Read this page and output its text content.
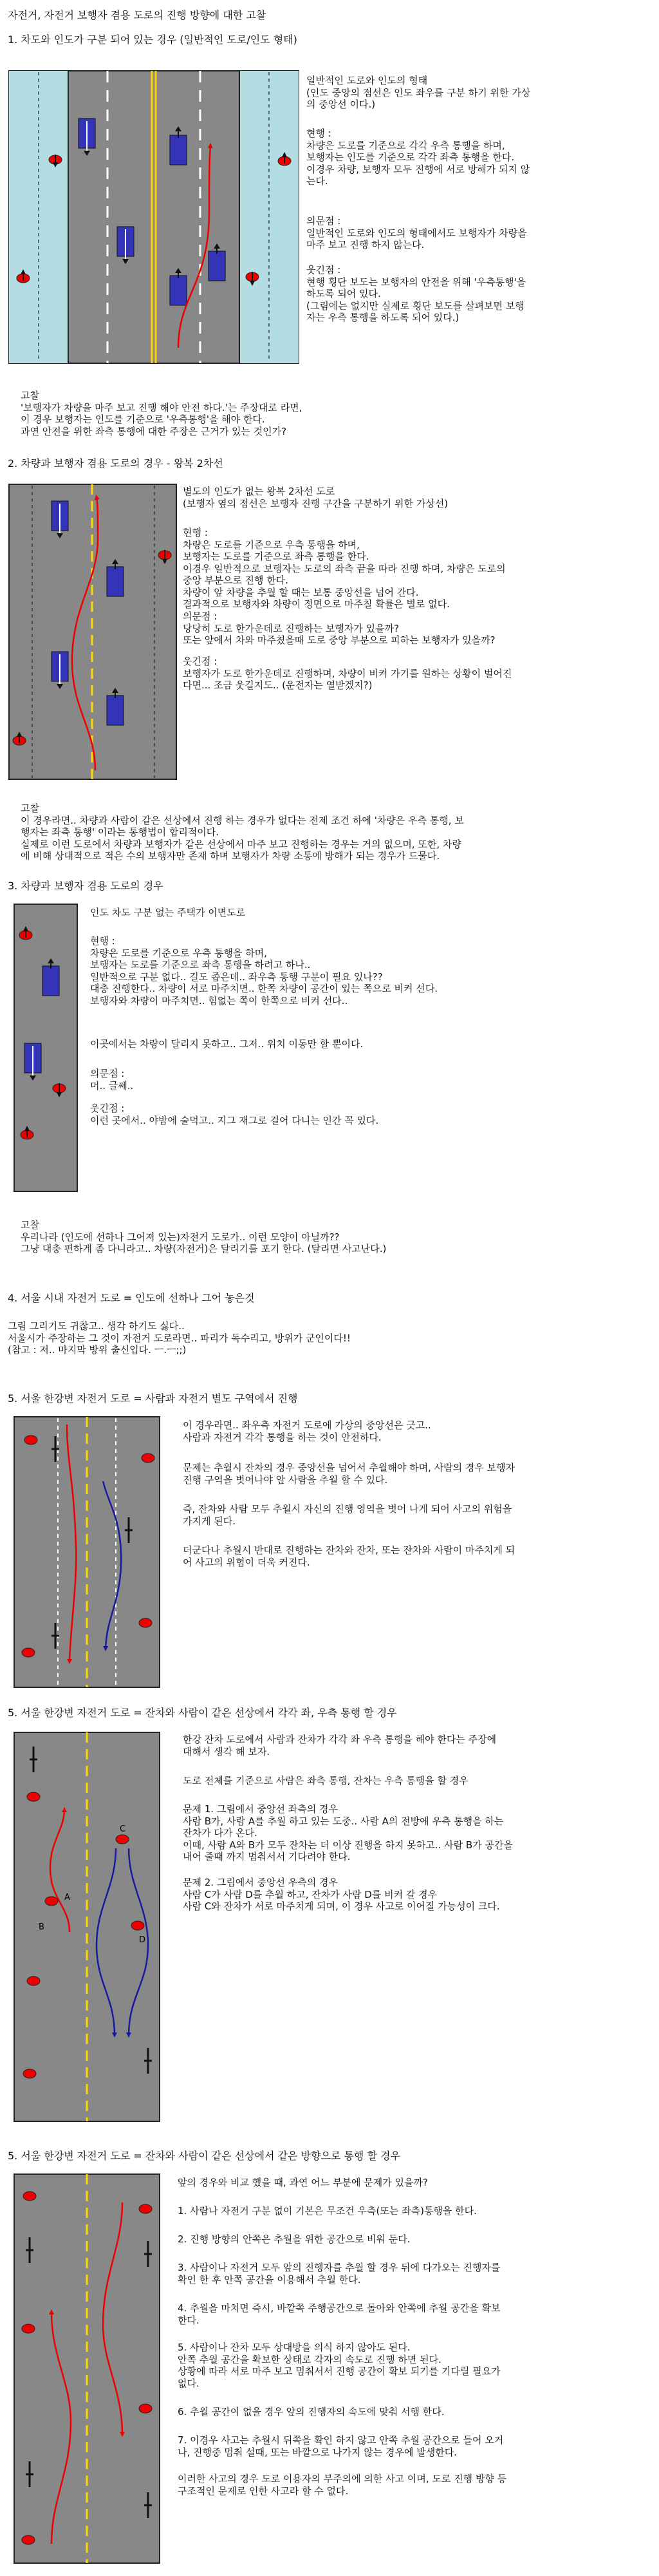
자전거, 자전거 보행자 겸용 도로의 진행 방향에 대한 고찰
1. 차도와 인도가 구분 되어 있는 경우 (일반적인 도로/인도 형태)
일반적인 도로와 인도의 형태
(인도 중앙의 점선은 인도 좌우를 구분 하기 위한 가상
의 중앙선 이다.)
현행 :
차량은 도로를 기준으로 각각 우측 통행을 하며,
보행자는 인도를 기준으로 각각 좌측 통행을 한다.
이경우 차량, 보행자 모두 진행에 서로 방해가 되지 않
는다.
의문점 :
일반적인 도로와 인도의 형태에서도 보행자가 차량을
마주 보고 진행 하지 않는다.
웃긴점 :
현행 횡단 보도는 보행자의 안전을 위해 '우측통행'을
하도록 되어 있다.
(그림에는 없지만 실제로 횡단 보도를 살펴보면 보행
자는 우측 통행을 하도록 되어 있다.)
고찰
'보행자가 차량을 마주 보고 진행 해야 안전 하다.'는 주장대로 라면,
이 경우 보행자는 인도를 기준으로 '우측통행'을 해야 한다.
과연 안전을 위한 좌측 통행에 대한 주장은 근거가 있는 것인가?
2. 차량과 보행자 겸용 도로의 경우 - 왕복 2차선
별도의 인도가 없는 왕복 2차선 도로
(보행자 옆의 점선은 보행자 진행 구간을 구분하기 위한 가상선)
현행 :
차량은 도로를 기준으로 우측 통행을 하며,
보행자는 도로를 기준으로 좌측 통행을 한다.
이경우 일반적으로 보행자는 도로의 좌측 끝을 따라 진행 하며, 차량은 도로의
중앙 부분으로 진행 한다.
차량이 앞 차량을 추월 할 때는 보통 중앙선을 넘어 간다.
결과적으로 보행자와 차량이 정면으로 마주칠 확률은 별로 없다.
의문점 :
당당히 도로 한가운데로 진행하는 보행자가 있을까?
또는 앞에서 차와 마주쳤을때 도로 중앙 부분으로 피하는 보행자가 있을까?
웃긴점 :
보행자가 도로 한가운데로 진행하며, 차량이 비켜 가기를 원하는 상황이 벌어진
다면... 조금 웃길지도.. (운전자는 열받겠지?)
고찰
이 경우라면.. 차량과 사람이 같은 선상에서 진행 하는 경우가 없다는 전제 조건 하에 '차량은 우측 통행, 보
행자는 좌측 통행' 이라는 통행법이 합리적이다.
실제로 이런 도로에서 차량과 보행자가 같은 선상에서 마주 보고 진행하는 경우는 거의 없으며, 또한, 차량
에 비해 상대적으로 적은 수의 보행자만 존재 하며 보행자가 차량 소통에 방해가 되는 경우가 드물다.
3. 차량과 보행자 겸용 도로의 경우
인도 차도 구분 없는 주택가 이면도로
현행 :
차량은 도로를 기준으로 우측 통행을 하며,
보행자는 도로를 기준으로 좌측 통행을 하려고 하나..
일반적으로 구분 없다.. 길도 좁은데.. 좌우측 통행 구분이 필요 있나??
대충 진행한다.. 차량이 서로 마주치면.. 한쪽 차량이 공간이 있는 쪽으로 비켜 선다.
보행자와 차량이 마주치면.. 힘없는 쪽이 한쪽으로 비켜 선다..
이곳에서는 차량이 달리지 못하고.. 그저.. 위치 이동만 할 뿐이다.
의문점 :
머.. 글쎄..
웃긴점 :
이런 곳에서.. 야밤에 술먹고.. 지그 재그로 걸어 다니는 인간 꼭 있다.
고찰
우리나라 (인도에 선하나 그어져 있는)자전거 도로가.. 이런 모양이 아닐까??
그냥 대충 편하게 좀 다니라고.. 차량(자전거)은 달리기를 포기 한다. (달리면 사고난다.)
4. 서울 시내 자전거 도로 = 인도에 선하나 그어 놓은것
그림 그리기도 귀찮고.. 생각 하기도 싫다..
서울시가 주장하는 그 것이 자전거 도로라면.. 파리가 독수리고, 방위가 군인이다!!
(참고 : 저.. 마지막 방위 출신입다. ㅡ.ㅡ;;)
5. 서울 한강변 자전거 도로 = 사람과 자전거 별도 구역에서 진행
이 경우라면.. 좌우측 자전거 도로에 가상의 중앙선은 긋고..
사람과 자전거 각각 통행을 하는 것이 안전하다.
문제는 추월시 잔차의 경우 중앙선을 넘어서 추월해야 하며, 사람의 경우 보행자
진행 구역을 벗어나야 앞 사람을 추월 할 수 있다.
즉, 잔차와 사람 모두 추월시 자신의 진행 영역을 벗어 나게 되어 사고의 위험을
가지게 된다.
더군다나 추월시 반대로 진행하는 잔차와 잔차, 또는 잔차와 사람이 마주치게 되
어 사고의 위험이 더욱 커진다.
5. 서울 한강변 자전거 도로 = 잔차와 사람이 같은 선상에서 각각 좌, 우측 통행 할 경우
한강 잔차 도로에서 사람과 잔차가 각각 좌 우측 통행을 해야 한다는 주장에
대해서 생각 해 보자.
도로 전체를 기준으로 사람은 좌측 통행, 잔차는 우측 통행을 할 경우
문제 1. 그림에서 중앙선 좌측의 경우
사람 B가, 사람 A를 추월 하고 있는 도중.. 사람 A의 전방에 우측 통행을 하는
잔차가 다가 온다.
이때, 사람 A와 B가 모두 잔차는 더 이상 진행을 하지 못하고.. 사람 B가 공간을
내어 줄때 까지 멈춰서서 기다려야 한다.
문제 2. 그림에서 중앙선 우측의 경우
사람 C가 사람 D를 추월 하고, 잔차가 사람 D를 비켜 갈 경우
사람 C와 잔차가 서로 마주치게 되며, 이 경우 사고로 이어질 가능성이 크다.
5. 서울 한강변 자전거 도로 = 잔차와 사람이 같은 선상에서 같은 방향으로 통행 할 경우
앞의 경우와 비교 했을 때, 과연 어느 부분에 문제가 있을까?
1. 사람나 자전거 구분 없이 기본은 무조건 우측(또는 좌측)통행을 한다.
2. 진행 방향의 안쪽은 추월을 위한 공간으로 비워 둔다.
3. 사람이나 자전거 모두 앞의 진행자를 추월 할 경우 뒤에 다가오는 진행자를
확인 한 후 안쪽 공간을 이용해서 추월 한다.
4. 추월을 마치면 즉시, 바깥쪽 주행공간으로 돌아와 안쪽에 추월 공간을 확보
한다.
5. 사람이나 잔차 모두 상대방을 의식 하지 않아도 된다.
안쪽 추월 공간을 확보한 상태로 각자의 속도로 진행 하면 된다.
상황에 따라 서로 마주 보고 멈춰서서 진행 공간이 확보 되기를 기다릴 필요가
없다.
6. 추월 공간이 없을 경우 앞의 진행자의 속도에 맞춰 서행 한다.
7. 이경우 사고는 추월시 뒤쪽을 확인 하지 않고 안쪽 추월 공간으로 들어 오거
나, 진행중 멈춰 설때, 또는 바깥으로 나가지 않는 경우에 발생한다.
이러한 사고의 경우 도로 이용자의 부주의에 의한 사고 이며, 도로 진행 방향 등
구조적인 문제로 인한 사고라 할 수 없다.
A
B
C
D
